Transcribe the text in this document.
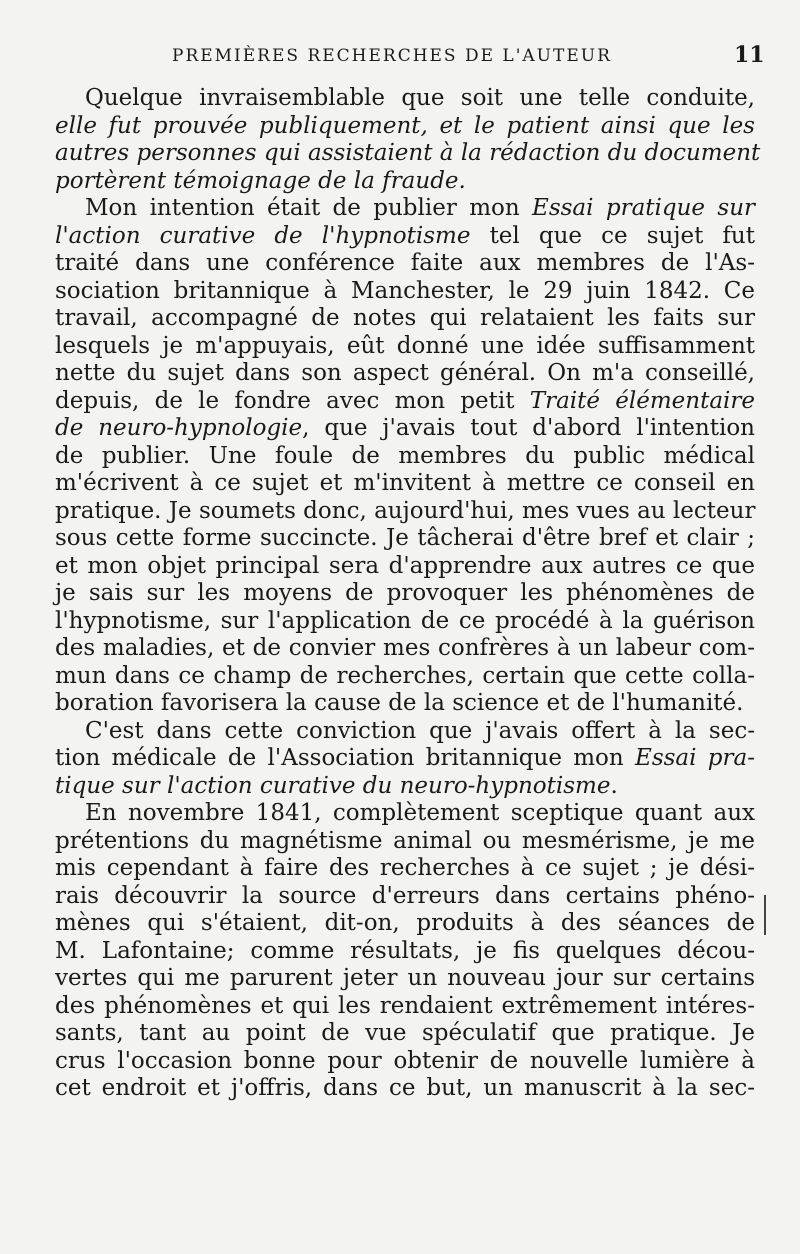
PREMIÈRES RECHERCHES DE L'AUTEUR	11
Quelque invraisemblable que soit une telle conduite,
elle fut prouvée publiquement, et le patient ainsi que les
autres personnes qui assistaient à la rédaction du document
portèrent témoignage de la fraude.
Mon intention était de publier mon Essai pratique sur
l'action curative de l'hypnotisme tel que ce sujet fut
traité dans une conférence faite aux membres de l'As-
sociation britannique à Manchester, le 29 juin 1842. Ce
travail, accompagné de notes qui relataient les faits sur
lesquels je m'appuyais, eût donné une idée suffisamment
nette du sujet dans son aspect général. On m'a conseillé,
depuis, de le fondre avec mon petit Traité élémentaire
de neuro-hypnologie, que j'avais tout d'abord l'intention
de publier. Une foule de membres du public médical
m'écrivent à ce sujet et m'invitent à mettre ce conseil en
pratique. Je soumets donc, aujourd'hui, mes vues au lecteur
sous cette forme succincte. Je tâcherai d'être bref et clair ;
et mon objet principal sera d'apprendre aux autres ce que
je sais sur les moyens de provoquer les phénomènes de
l'hypnotisme, sur l'application de ce procédé à la guérison
des maladies, et de convier mes confrères à un labeur com-
mun dans ce champ de recherches, certain que cette colla-
boration favorisera la cause de la science et de l'humanité.
C'est dans cette conviction que j'avais offert à la sec-
tion médicale de l'Association britannique mon Essai pra-
tique sur l'action curative du neuro-hypnotisme.
En novembre 1841, complètement sceptique quant aux
prétentions du magnétisme animal ou mesmérisme, je me
mis cependant à faire des recherches à ce sujet ; je dési-
rais découvrir la source d'erreurs dans certains phéno-
mènes qui s'étaient, dit-on, produits à des séances de
M. Lafontaine; comme résultats, je fis quelques décou-
vertes qui me parurent jeter un nouveau jour sur certains
des phénomènes et qui les rendaient extrêmement intéres-
sants, tant au point de vue spéculatif que pratique. Je
crus l'occasion bonne pour obtenir de nouvelle lumière à
cet endroit et j'offris, dans ce but, un manuscrit à la sec-
